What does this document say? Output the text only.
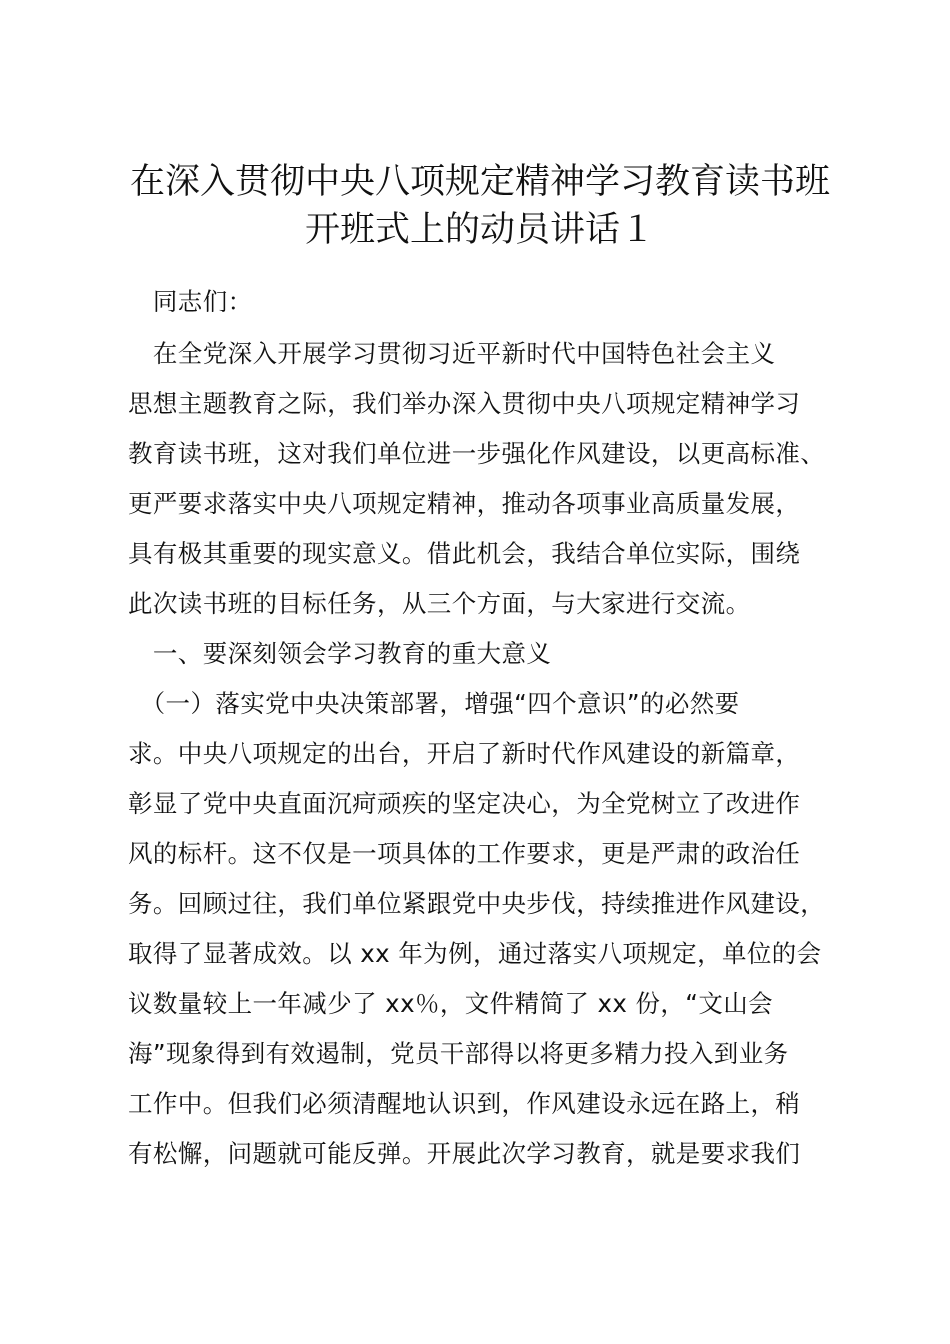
在深入贯彻中央八项规定精神学习教育读书班
开班式上的动员讲话１
　同志们：
　在全党深入开展学习贯彻习近平新时代中国特色社会主义
思想主题教育之际，我们举办深入贯彻中央八项规定精神学习
教育读书班，这对我们单位进一步强化作风建设，以更高标准、
更严要求落实中央八项规定精神，推动各项事业高质量发展，
具有极其重要的现实意义。借此机会，我结合单位实际，围绕
此次读书班的目标任务，从三个方面，与大家进行交流。
　一、要深刻领会学习教育的重大意义
　（一）落实党中央决策部署，增强“四个意识”的必然要
求。中央八项规定的出台，开启了新时代作风建设的新篇章，
彰显了党中央直面沉疴顽疾的坚定决心，为全党树立了改进作
风的标杆。这不仅是一项具体的工作要求，更是严肃的政治任
务。回顾过往，我们单位紧跟党中央步伐，持续推进作风建设，
取得了显著成效。以 xx 年为例，通过落实八项规定，单位的会
议数量较上一年减少了 xx％，文件精简了 xx 份，“文山会
海”现象得到有效遏制，党员干部得以将更多精力投入到业务
工作中。但我们必须清醒地认识到，作风建设永远在路上，稍
有松懈，问题就可能反弹。开展此次学习教育，就是要求我们
